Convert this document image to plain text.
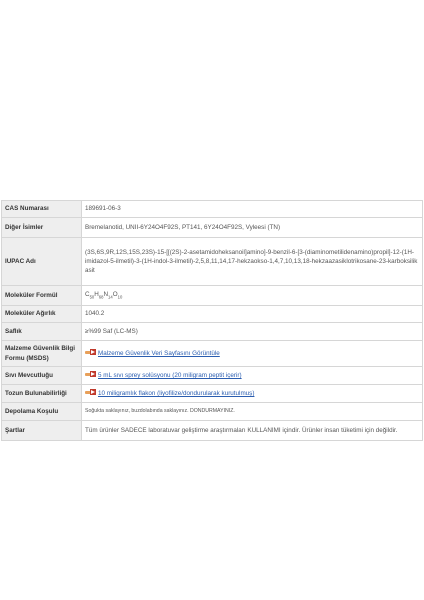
CAS Numarası	189691-06-3
Diğer İsimler	Bremelanotid, UNII-6Y24O4F92S, PT141, 6Y24O4F92S, Vyleesi (TN)
IUPAC Adı	(3S,6S,9R,12S,15S,23S)-15-[[(2S)-2-asetamidoheksanoil]amino]-9-benzil-6-[3-(diaminometilidenamino)propil]-12-(1H-imidazol-5-ilmetil)-3-(1H-indol-3-ilmetil)-2,5,8,11,14,17-hekzaokso-1,4,7,10,13,18-hekzaazasiklotrikosane-23-karboksilik asit
Moleküler Formül	$C_{50}H_{68}N_{14}O_{10}$
Moleküler Ağırlık	1040.2
Saflık	≥%99 Saf (LC-MS)
Malzeme Güvenlik Bilgi Formu (MSDS)	Malzeme Güvenlik Veri Sayfasını Görüntüle
Sıvı Mevcutluğu	5 mL sıvı sprey solüsyonu (20 miligram peptit içerir)
Tozun Bulunabilirliği	10 miligramlık flakon (liyofilize/dondurularak kurutulmuş)
Depolama Koşulu	Soğukta saklayınız, buzdolabında saklayınız. DONDURMAYINIZ.
Şartlar	Tüm ürünler SADECE laboratuvar geliştirme araştırmaları KULLANIMI içindir. Ürünler insan tüketimi için değildir.
